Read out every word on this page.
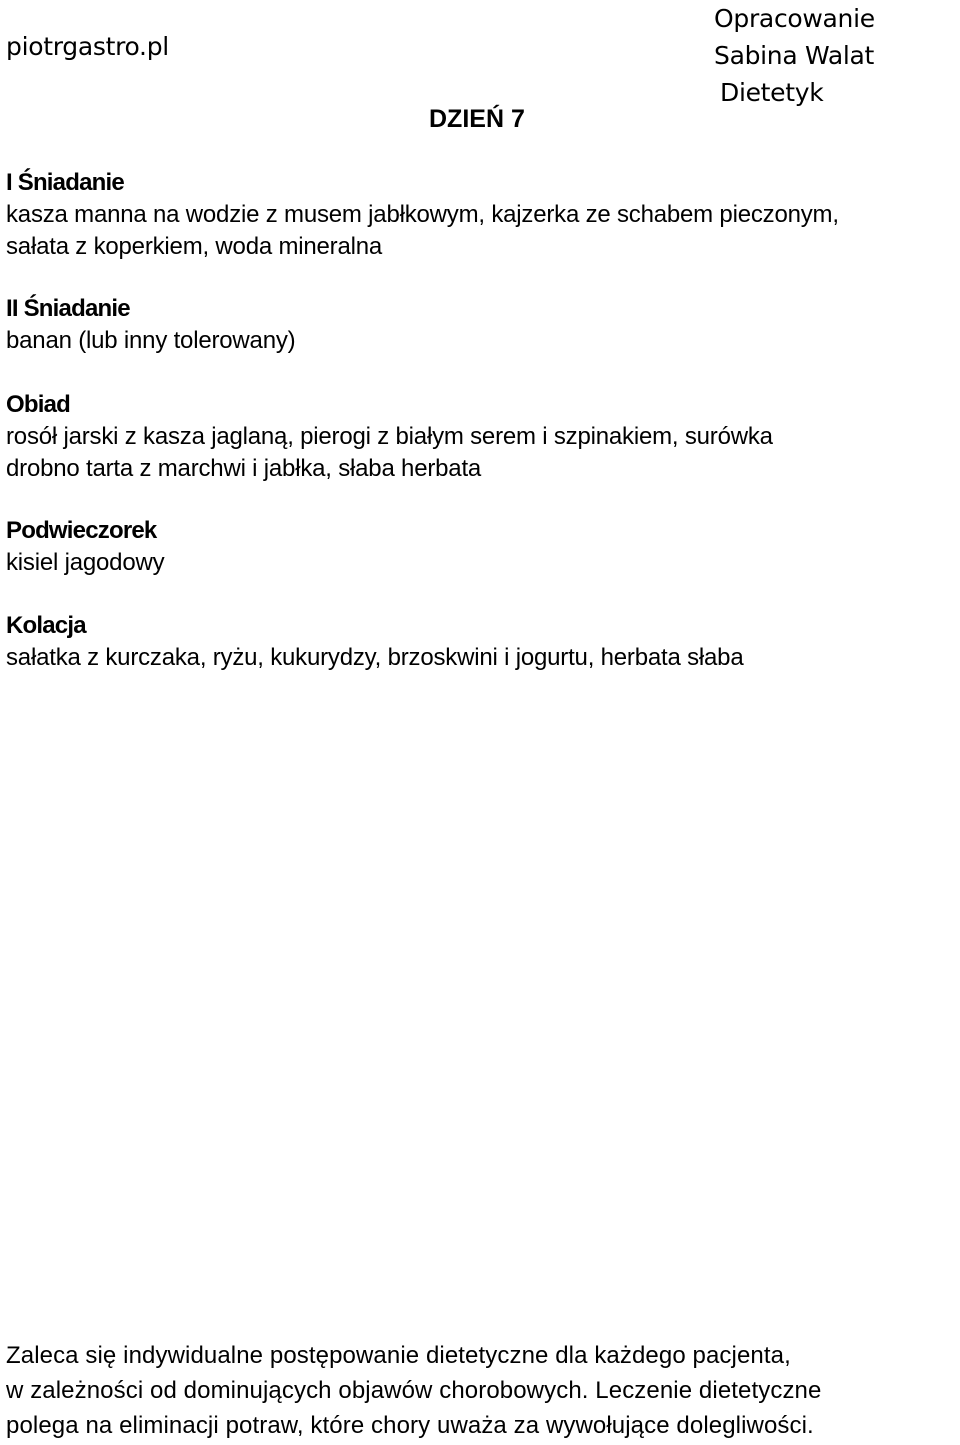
piotrgastro.pl
Opracowanie
Sabina Walat
Dietetyk
DZIEŃ 7

I Śniadanie

kasza manna na wodzie z musem jabłkowym, kajzerka ze schabem pieczonym,

sałata z koperkiem, woda mineralna

II Śniadanie

banan (lub inny tolerowany)

Obiad

rosół jarski z kasza jaglaną, pierogi z białym serem i szpinakiem, surówka

drobno tarta z marchwi i jabłka, słaba herbata

Podwieczorek

kisiel jagodowy

Kolacja

sałatka z kurczaka, ryżu, kukurydzy, brzoskwini i jogurtu, herbata słaba

Zaleca się indywidualne postępowanie dietetyczne dla każdego pacjenta,
w zależności od dominujących objawów chorobowych. Leczenie dietetyczne
polega na eliminacji potraw, które chory uważa za wywołujące dolegliwości.
